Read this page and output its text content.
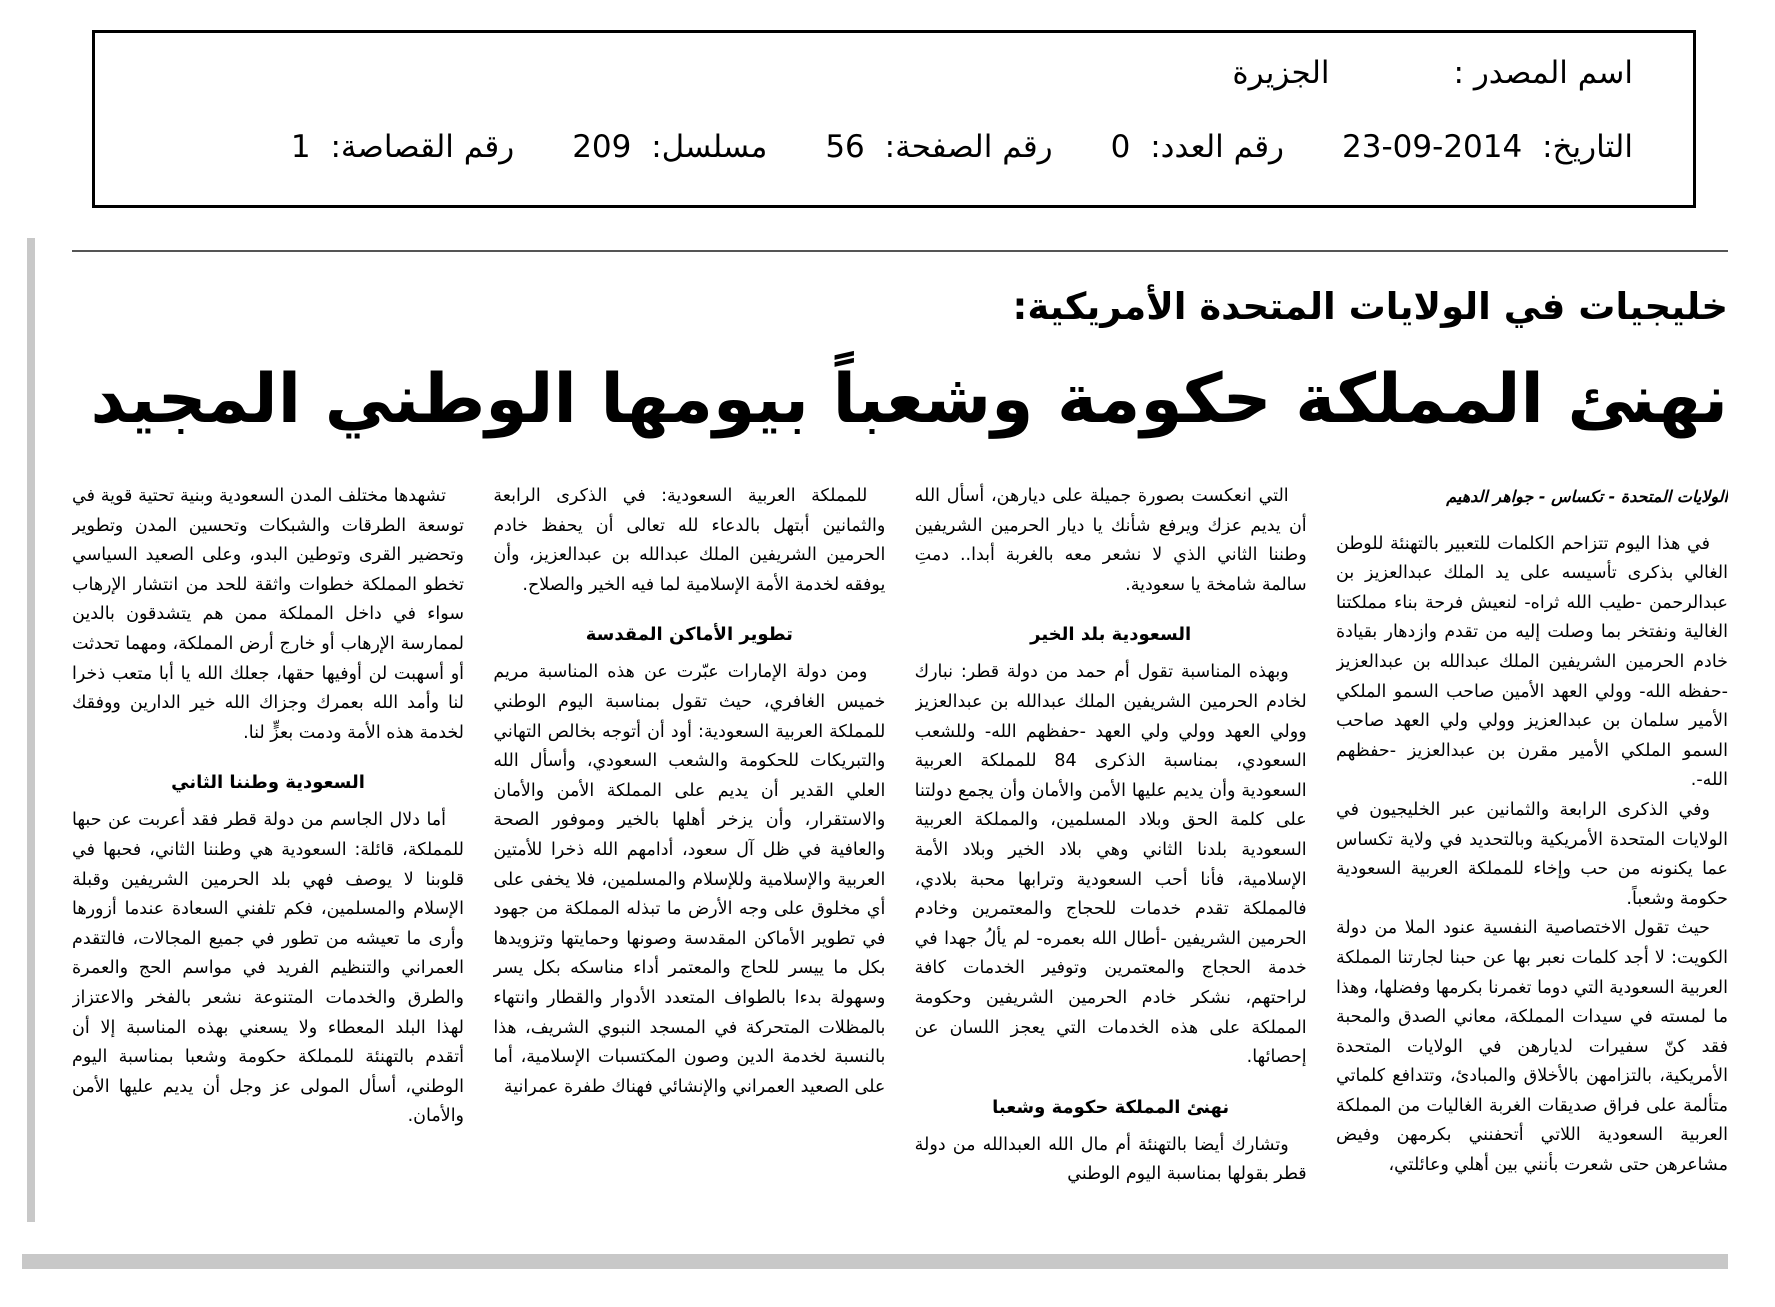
اسم المصدر :
الجزيرة
التاريخ: 2014-09-23
رقم العدد: 0
رقم الصفحة: 56
مسلسل: 209
رقم القصاصة: 1
خليجيات في الولايات المتحدة الأمريكية:
نهنئ المملكة حكومة وشعباً بيومها الوطني المجيد
الولايات المتحدة - تكساس - جواهر الدهيم

في هذا اليوم تتزاحم الكلمات للتعبير بالتهنئة للوطن الغالي بذكرى تأسيسه على يد الملك عبدالعزيز بن عبدالرحمن -طيب الله ثراه- لنعيش فرحة بناء مملكتنا الغالية ونفتخر بما وصلت إليه من تقدم وازدهار بقيادة خادم الحرمين الشريفين الملك عبدالله بن عبدالعزيز -حفظه الله- وولي العهد الأمين صاحب السمو الملكي الأمير سلمان بن عبدالعزيز وولي ولي العهد صاحب السمو الملكي الأمير مقرن بن عبدالعزيز -حفظهم الله-.

وفي الذكرى الرابعة والثمانين عبر الخليجيون في الولايات المتحدة الأمريكية وبالتحديد في ولاية تكساس عما يكنونه من حب وإخاء للمملكة العربية السعودية حكومة وشعباً.

حيث تقول الاختصاصية النفسية عنود الملا من دولة الكويت: لا أجد كلمات نعبر بها عن حبنا لجارتنا المملكة العربية السعودية التي دوما تغمرنا بكرمها وفضلها، وهذا ما لمسته في سيدات المملكة، معاني الصدق والمحبة فقد كنّ سفيرات لديارهن في الولايات المتحدة الأمريكية، بالتزامهن بالأخلاق والمبادئ، وتتدافع كلماتي متألمة على فراق صديقات الغربة الغاليات من المملكة العربية السعودية اللاتي أتحفنني بكرمهن وفيض مشاعرهن حتى شعرت بأنني بين أهلي وعائلتي،

التي انعكست بصورة جميلة على ديارهن، أسأل الله أن يديم عزك ويرفع شأنك يا ديار الحرمين الشريفين وطننا الثاني الذي لا نشعر معه بالغربة أبدا.. دمتِ سالمة شامخة يا سعودية.

السعودية بلد الخير

وبهذه المناسبة تقول أم حمد من دولة قطر: نبارك لخادم الحرمين الشريفين الملك عبدالله بن عبدالعزيز وولي العهد وولي ولي العهد -حفظهم الله- وللشعب السعودي، بمناسبة الذكرى 84 للمملكة العربية السعودية وأن يديم عليها الأمن والأمان وأن يجمع دولتنا على كلمة الحق وبلاد المسلمين، والمملكة العربية السعودية بلدنا الثاني وهي بلاد الخير وبلاد الأمة الإسلامية، فأنا أحب السعودية وترابها محبة بلادي، فالمملكة تقدم خدمات للحجاج والمعتمرين وخادم الحرمين الشريفين -أطال الله بعمره- لم يألُ جهدا في خدمة الحجاج والمعتمرين وتوفير الخدمات كافة لراحتهم، نشكر خادم الحرمين الشريفين وحكومة المملكة على هذه الخدمات التي يعجز اللسان عن إحصائها.

نهنئ المملكة حكومة وشعبا

وتشارك أيضا بالتهنئة أم مال الله العبدالله من دولة قطر بقولها بمناسبة اليوم الوطني

للمملكة العربية السعودية: في الذكرى الرابعة والثمانين أبتهل بالدعاء لله تعالى أن يحفظ خادم الحرمين الشريفين الملك عبدالله بن عبدالعزيز، وأن يوفقه لخدمة الأمة الإسلامية لما فيه الخير والصلاح.

تطوير الأماكن المقدسة

ومن دولة الإمارات عبّرت عن هذه المناسبة مريم خميس الغافري، حيث تقول بمناسبة اليوم الوطني للمملكة العربية السعودية: أود أن أتوجه بخالص التهاني والتبريكات للحكومة والشعب السعودي، وأسأل الله العلي القدير أن يديم على المملكة الأمن والأمان والاستقرار، وأن يزخر أهلها بالخير وموفور الصحة والعافية في ظل آل سعود، أدامهم الله ذخرا للأمتين العربية والإسلامية وللإسلام والمسلمين، فلا يخفى على أي مخلوق على وجه الأرض ما تبذله المملكة من جهود في تطوير الأماكن المقدسة وصونها وحمايتها وتزويدها بكل ما ييسر للحاج والمعتمر أداء مناسكه بكل يسر وسهولة بدءا بالطواف المتعدد الأدوار والقطار وانتهاء بالمظلات المتحركة في المسجد النبوي الشريف، هذا بالنسبة لخدمة الدين وصون المكتسبات الإسلامية، أما على الصعيد العمراني والإنشائي فهناك طفرة عمرانية

تشهدها مختلف المدن السعودية وبنية تحتية قوية في توسعة الطرقات والشبكات وتحسين المدن وتطوير وتحضير القرى وتوطين البدو، وعلى الصعيد السياسي تخطو المملكة خطوات واثقة للحد من انتشار الإرهاب سواء في داخل المملكة ممن هم يتشدقون بالدين لممارسة الإرهاب أو خارج أرض المملكة، ومهما تحدثت أو أسهبت لن أوفيها حقها، جعلك الله يا أبا متعب ذخرا لنا وأمد الله بعمرك وجزاك الله خير الدارين ووفقك لخدمة هذه الأمة ودمت بعزٍّ لنا.

السعودية وطننا الثاني

أما دلال الجاسم من دولة قطر فقد أعربت عن حبها للمملكة، قائلة: السعودية هي وطننا الثاني، فحبها في قلوبنا لا يوصف فهي بلد الحرمين الشريفين وقبلة الإسلام والمسلمين، فكم تلفني السعادة عندما أزورها وأرى ما تعيشه من تطور في جميع المجالات، فالتقدم العمراني والتنظيم الفريد في مواسم الحج والعمرة والطرق والخدمات المتنوعة نشعر بالفخر والاعتزاز لهذا البلد المعطاء ولا يسعني بهذه المناسبة إلا أن أتقدم بالتهنئة للمملكة حكومة وشعبا بمناسبة اليوم الوطني، أسأل المولى عز وجل أن يديم عليها الأمن والأمان.
